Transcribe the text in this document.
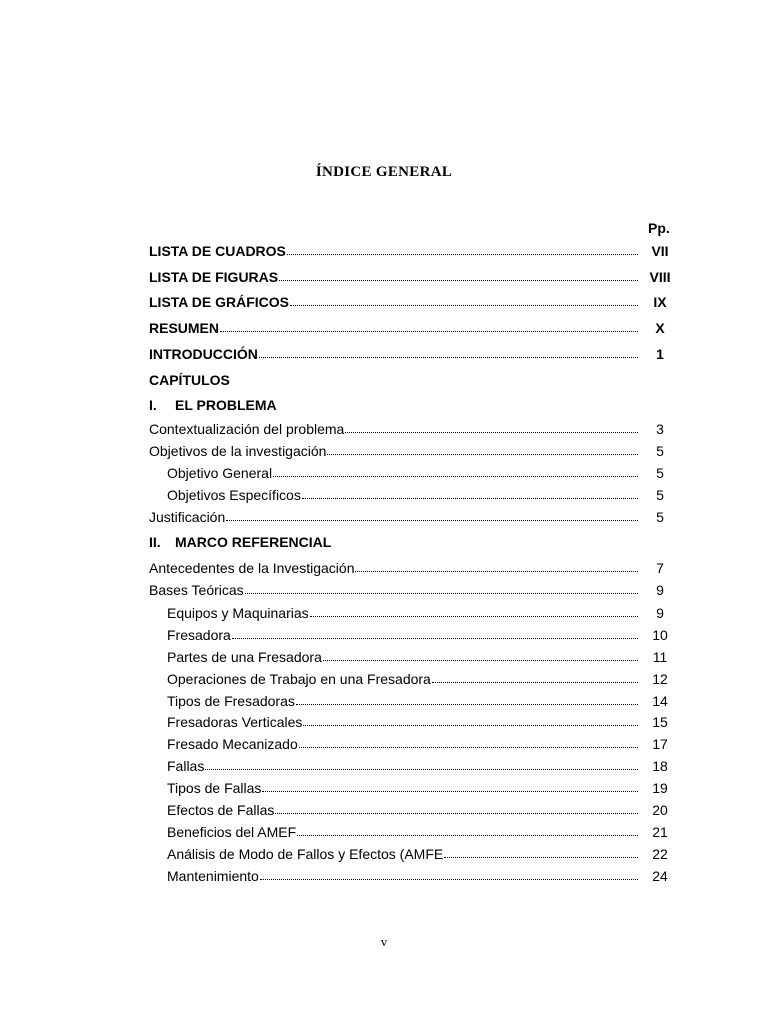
ÍNDICE GENERAL
Pp.
LISTA DE CUADROS	VII
LISTA DE FIGURAS	VIII
LISTA DE GRÁFICOS	IX
RESUMEN	X
INTRODUCCIÓN	1
CAPÍTULOS
I. EL PROBLEMA
Contextualización del problema	3
Objetivos de la investigación	5
Objetivo General	5
Objetivos Específicos	5
Justificación	5
II. MARCO REFERENCIAL
Antecedentes de la Investigación	7
Bases Teóricas	9
Equipos y Maquinarias	9
Fresadora	10
Partes de una Fresadora	11
Operaciones de Trabajo en una Fresadora	12
Tipos de Fresadoras	14
Fresadoras Verticales	15
Fresado Mecanizado	17
Fallas	18
Tipos de Fallas	19
Efectos de Fallas	20
Beneficios del AMEF	21
Análisis de Modo de Fallos y Efectos (AMFE	22
Mantenimiento	24
v
